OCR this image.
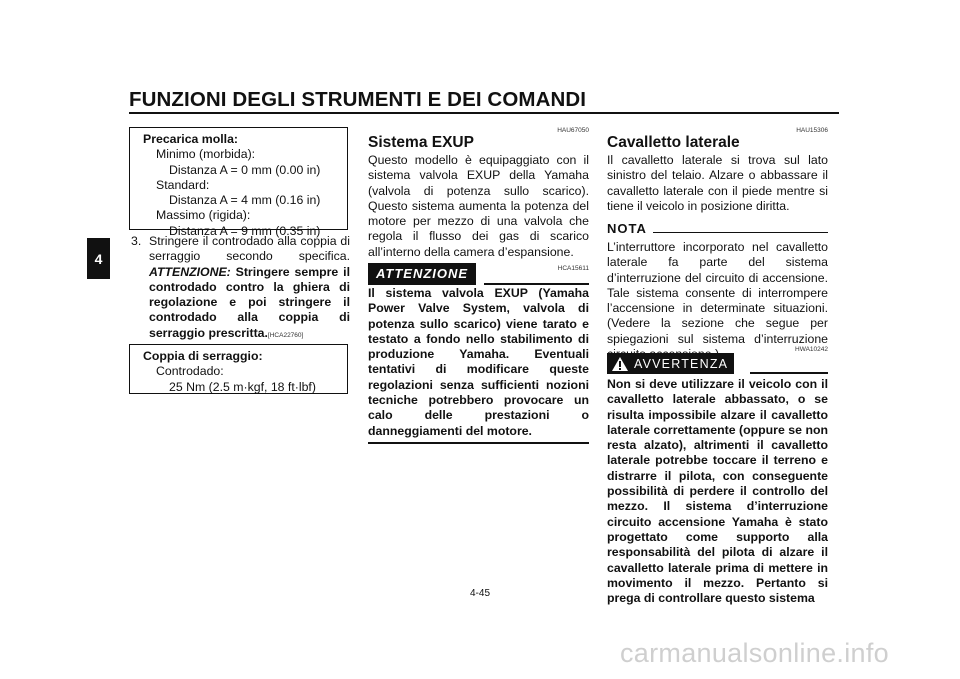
FUNZIONI DEGLI STRUMENTI E DEI COMANDI
4
Precarica molla:
Minimo (morbida):
Distanza A = 0 mm (0.00 in)
Standard:
Distanza A = 4 mm (0.16 in)
Massimo (rigida):
Distanza A = 9 mm (0.35 in)
3. Stringere il controdado alla coppia di serraggio secondo specifica. ATTENZIONE: Stringere sempre il controdado contro la ghiera di regolazione e poi stringere il controdado alla coppia di serraggio prescritta.[HCA22760]
Coppia di serraggio:
Controdado:
25 Nm (2.5 m·kgf, 18 ft·lbf)
HAU67050
Sistema EXUP
Questo modello è equipaggiato con il sistema valvola EXUP della Yamaha (valvola di potenza sullo scarico). Questo sistema aumenta la potenza del motore per mezzo di una valvola che regola il flusso dei gas di scarico all’interno della camera d’espansione.
ATTENZIONE	HCA15611
Il sistema valvola EXUP (Yamaha Power Valve System, valvola di potenza sullo scarico) viene tarato e testato a fondo nello stabilimento di produzione Yamaha. Eventuali tentativi di modificare queste regolazioni senza sufficienti nozioni tecniche potrebbero provocare un calo delle prestazioni o danneggiamenti del motore.
HAU15306
Cavalletto laterale
Il cavalletto laterale si trova sul lato sinistro del telaio. Alzare o abbassare il cavalletto laterale con il piede mentre si tiene il veicolo in posizione diritta.
NOTA
L’interruttore incorporato nel cavalletto laterale fa parte del sistema d’interruzione del circuito di accensione. Tale sistema consente di interrompere l’accensione in determinate situazioni. (Vedere la sezione che segue per spiegazioni sul sistema d’interruzione
HWA10242
AVVERTENZA
Non si deve utilizzare il veicolo con il cavalletto laterale abbassato, o se risulta impossibile alzare il cavalletto laterale correttamente (oppure se non resta alzato), altrimenti il cavalletto laterale potrebbe toccare il terreno e distrarre il pilota, con conseguente possibilità di perdere il controllo del mezzo. Il sistema d’interruzione circuito accensione Yamaha è stato progettato come supporto alla responsabilità del pilota di alzare il cavalletto laterale prima di mettere in movimento il mezzo. Pertanto si prega di controllare questo sistema
4-45
carmanualsonline.info
